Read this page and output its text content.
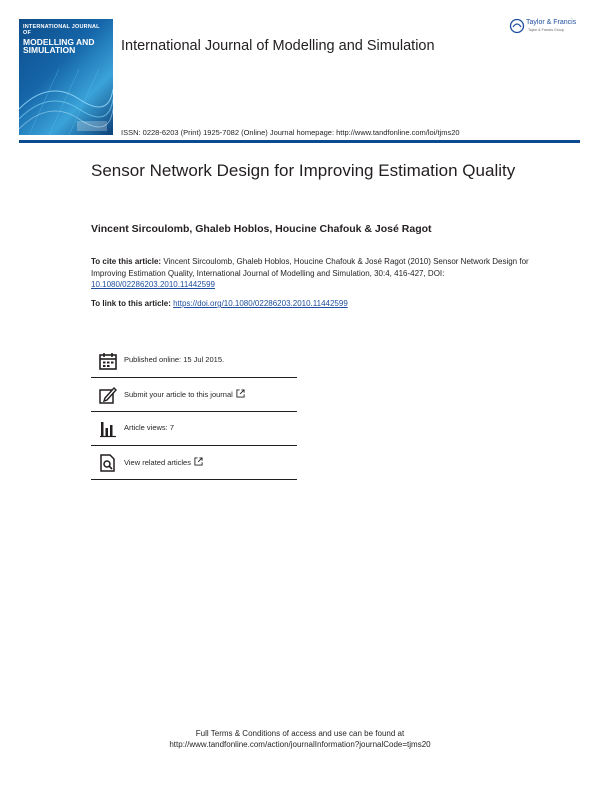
INTERNATIONAL JOURNAL OF
MODELLING AND
SIMULATION	International Journal of Modelling and Simulation
ISSN: 0228-6203 (Print) 1925-7082 (Online) Journal homepage: http://www.tandfonline.com/loi/tjms20
Taylor & Francis
Taylor & Francis Group
Sensor Network Design for Improving Estimation Quality
Vincent Sircoulomb, Ghaleb Hoblos, Houcine Chafouk & José Ragot
To cite this article: Vincent Sircoulomb, Ghaleb Hoblos, Houcine Chafouk & José Ragot (2010) Sensor Network Design for Improving Estimation Quality, International Journal of Modelling and Simulation, 30:4, 416-427, DOI: 10.1080/02286203.2010.11442599
To link to this article: https://doi.org/10.1080/02286203.2010.11442599
Published online: 15 Jul 2015.
Submit your article to this journal
Article views: 7
View related articles
Full Terms & Conditions of access and use can be found at
http://www.tandfonline.com/action/journalInformation?journalCode=tjms20
